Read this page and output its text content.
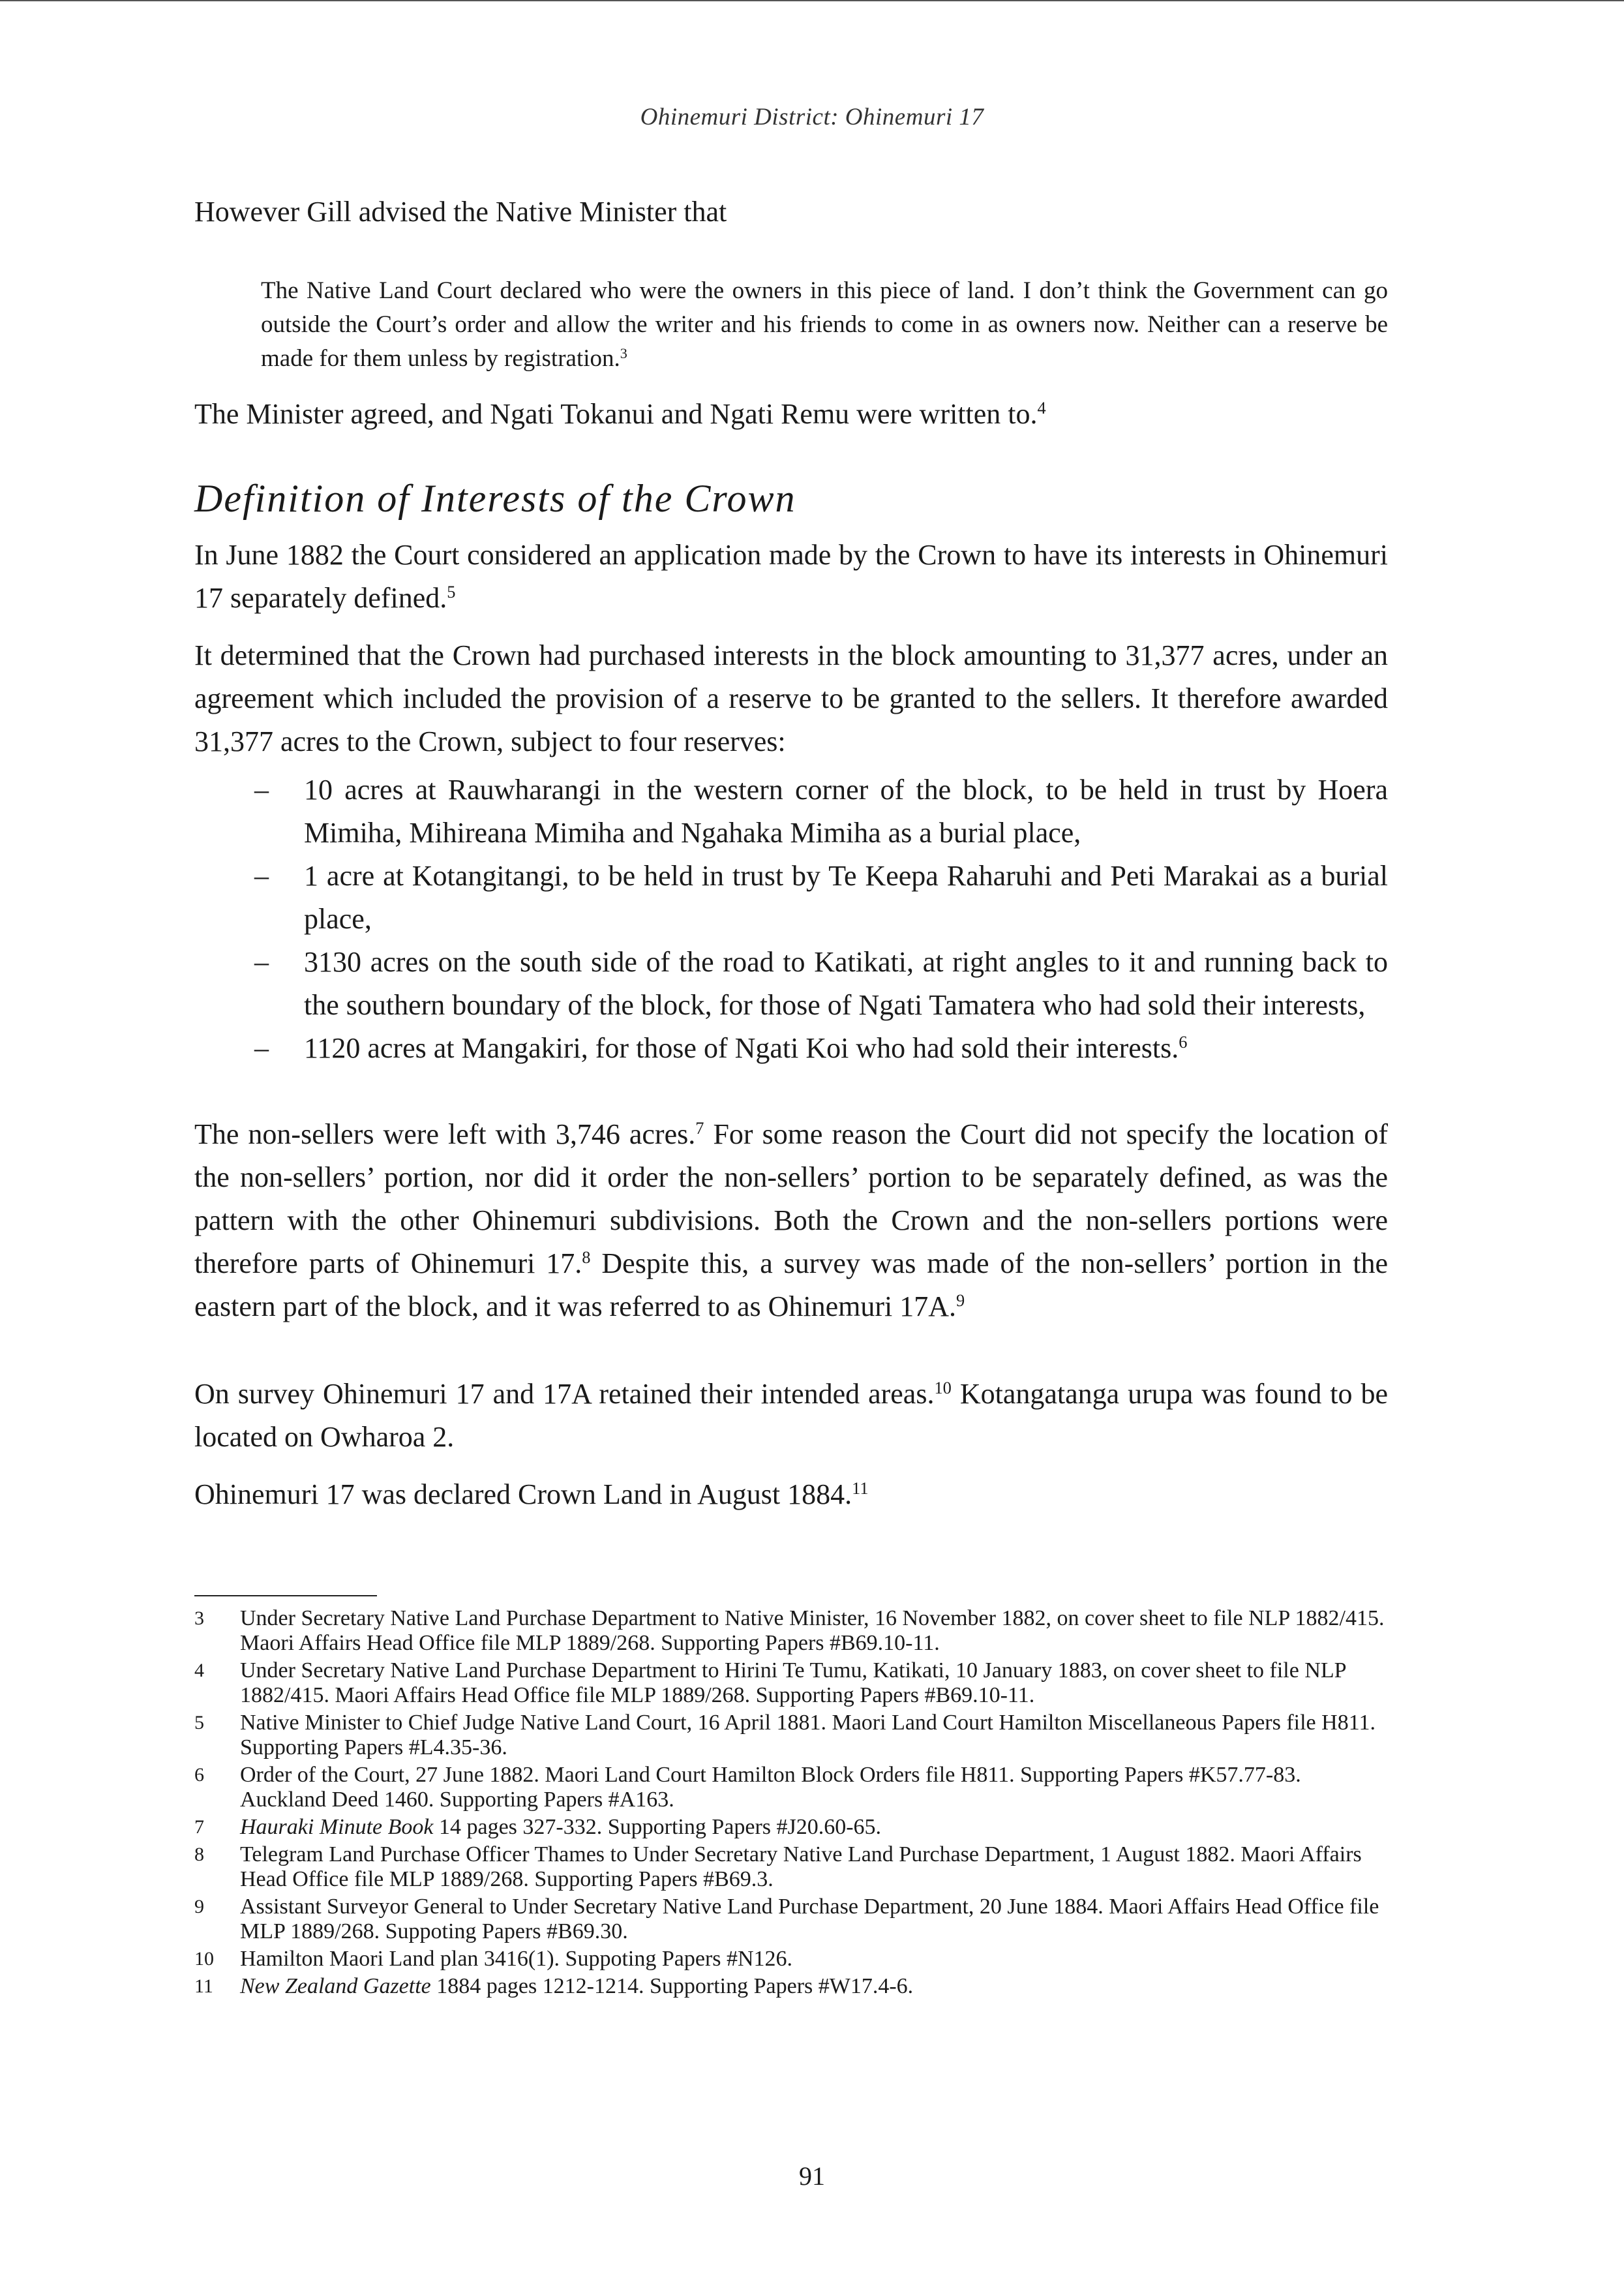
Ohinemuri District: Ohinemuri 17

However Gill advised the Native Minister that

The Native Land Court declared who were the owners in this piece of land. I don’t think the Government can go outside the Court’s order and allow the writer and his friends to come in as owners now. Neither can a reserve be made for them unless by registration.$^3$

The Minister agreed, and Ngati Tokanui and Ngati Remu were written to.$^4$

Definition of Interests of the Crown

In June 1882 the Court considered an application made by the Crown to have its interests in Ohinemuri 17 separately defined.$^5$

It determined that the Crown had purchased interests in the block amounting to 31,377 acres, under an agreement which included the provision of a reserve to be granted to the sellers. It therefore awarded 31,377 acres to the Crown, subject to four reserves:

– 10 acres at Rauwharangi in the western corner of the block, to be held in trust by Hoera Mimiha, Mihireana Mimiha and Ngahaka Mimiha as a burial place,
– 1 acre at Kotangitangi, to be held in trust by Te Keepa Raharuhi and Peti Marakai as a burial place,
– 3130 acres on the south side of the road to Katikati, at right angles to it and running back to the southern boundary of the block, for those of Ngati Tamatera who had sold their interests,
– 1120 acres at Mangakiri, for those of Ngati Koi who had sold their interests.$^6$

The non-sellers were left with 3,746 acres.$^7$ For some reason the Court did not specify the location of the non-sellers’ portion, nor did it order the non-sellers’ portion to be separately defined, as was the pattern with the other Ohinemuri subdivisions. Both the Crown and the non-sellers portions were therefore parts of Ohinemuri 17.$^8$ Despite this, a survey was made of the non-sellers’ portion in the eastern part of the block, and it was referred to as Ohinemuri 17A.$^9$

On survey Ohinemuri 17 and 17A retained their intended areas.$^{10}$ Kotangatanga urupa was found to be located on Owharoa 2.

Ohinemuri 17 was declared Crown Land in August 1884.11

3 Under Secretary Native Land Purchase Department to Native Minister, 16 November 1882, on cover sheet to file NLP 1882/415. Maori Affairs Head Office file MLP 1889/268. Supporting Papers #B69.10-11.

4 Under Secretary Native Land Purchase Department to Hirini Te Tumu, Katikati, 10 January 1883, on cover sheet to file NLP 1882/415. Maori Affairs Head Office file MLP 1889/268. Supporting Papers #B69.10-11.

5 Native Minister to Chief Judge Native Land Court, 16 April 1881. Maori Land Court Hamilton Miscellaneous Papers file H811. Supporting Papers #L4.35-36.

6 Order of the Court, 27 June 1882. Maori Land Court Hamilton Block Orders file H811. Supporting Papers #K57.77-83.

Auckland Deed 1460. Supporting Papers #A163.

7 Hauraki Minute Book 14 pages 327-332. Supporting Papers #J20.60-65.

8 Telegram Land Purchase Officer Thames to Under Secretary Native Land Purchase Department, 1 August 1882. Maori Affairs Head Office file MLP 1889/268. Supporting Papers #B69.3.

9 Assistant Surveyor General to Under Secretary Native Land Purchase Department, 20 June 1884. Maori Affairs Head Office file MLP 1889/268. Suppoting Papers #B69.30.

10 Hamilton Maori Land plan 3416(1). Suppoting Papers #N126.

11 New Zealand Gazette 1884 pages 1212-1214. Supporting Papers #W17.4-6.

91
